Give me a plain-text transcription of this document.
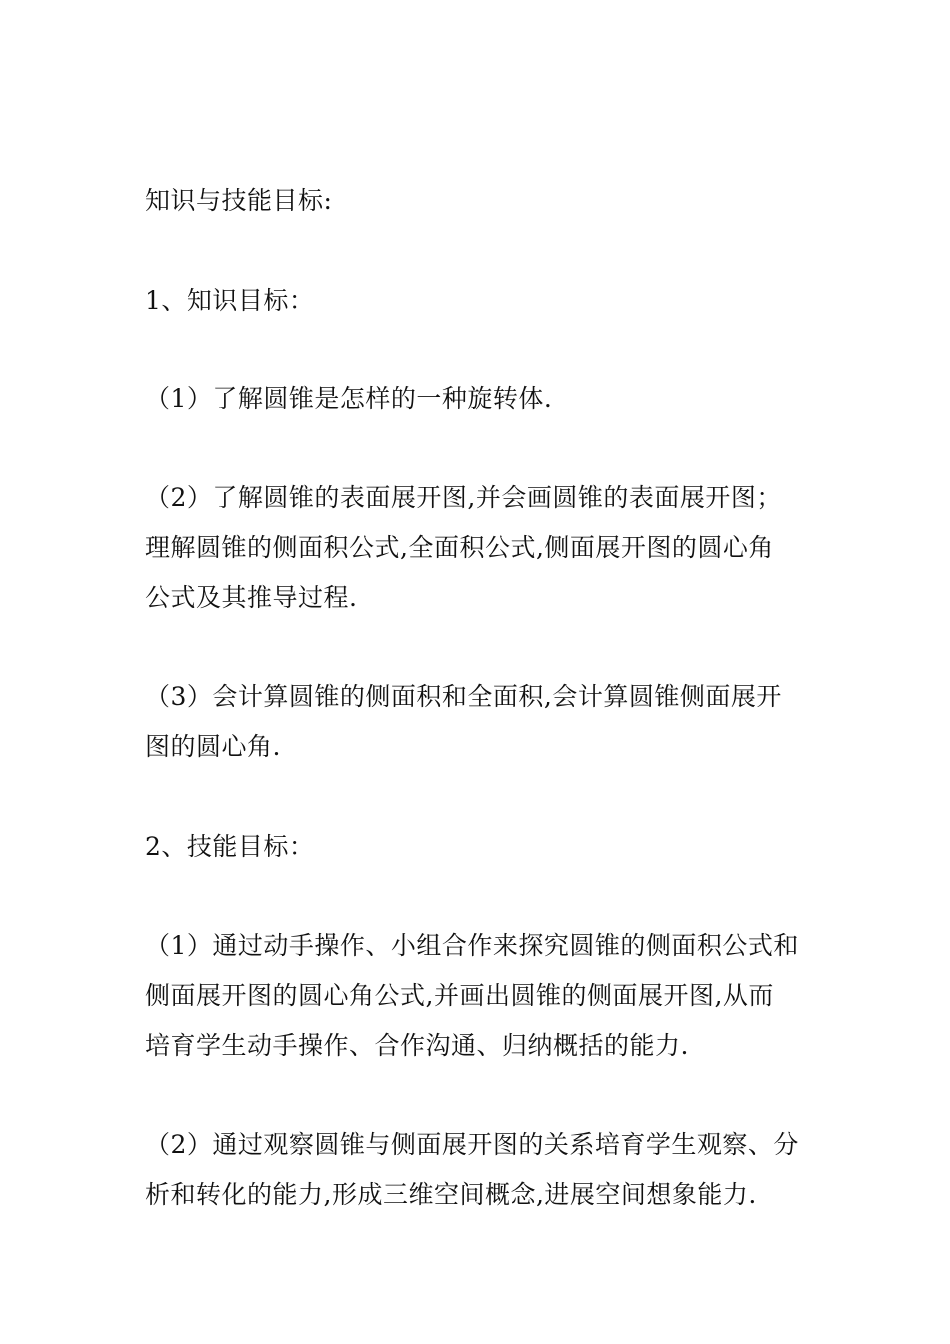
知识与技能目标:
1、知识目标：
（1）了解圆锥是怎样的一种旋转体.
（2）了解圆锥的表面展开图,并会画圆锥的表面展开图；
理解圆锥的侧面积公式,全面积公式,侧面展开图的圆心角
公式及其推导过程.
（3）会计算圆锥的侧面积和全面积,会计算圆锥侧面展开
图的圆心角.
2、技能目标：
（1）通过动手操作、小组合作来探究圆锥的侧面积公式和
侧面展开图的圆心角公式,并画出圆锥的侧面展开图,从而
培育学生动手操作、合作沟通、归纳概括的能力.
（2）通过观察圆锥与侧面展开图的关系培育学生观察、分
析和转化的能力,形成三维空间概念,进展空间想象能力.
